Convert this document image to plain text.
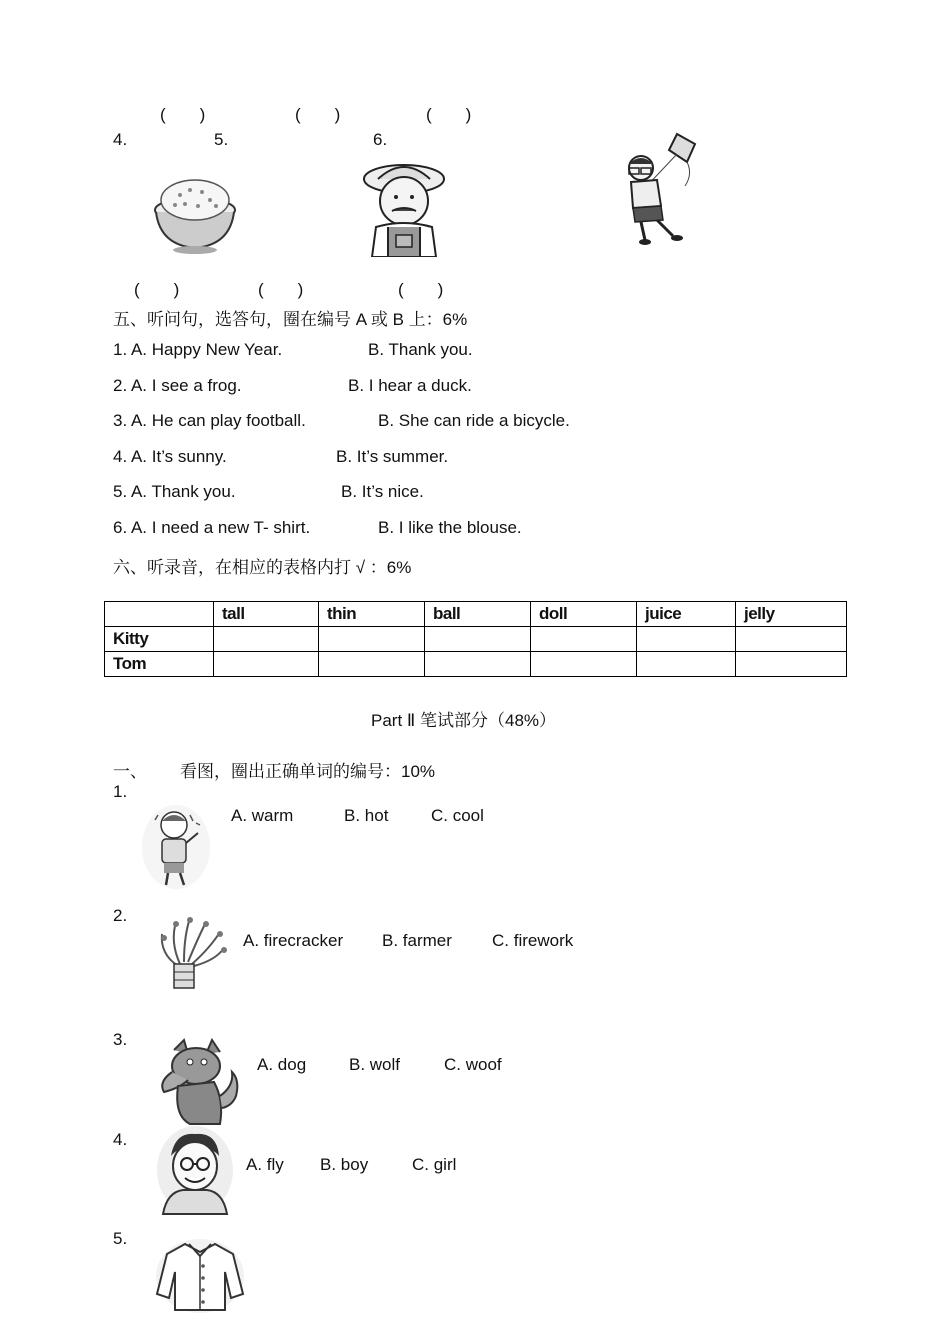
(  )	(  )	(  )
4.	5.	6.
(  )	(  )	(  )
五、听问句，选答句，圈在编号 A 或 B 上：6%
1. A. Happy New Year.	B. Thank you.
2. A. I see a frog.	B. I hear a duck.
3. A. He can play football.	B. She can ride a bicycle.
4. A. It’s sunny.	B. It’s summer.
5. A. Thank you.	B. It’s nice.
6. A. I need a new T- shirt.	B. I like the blouse.
六、听录音，在相应的表格内打 √ ：6%
	tall	thin	ball	doll	juice	jelly
Kitty						
Tom						
Part Ⅱ 笔试部分（48%）
一、 看图，圈出正确单词的编号：10%
1.
A. warm	B. hot	C. cool
2.
A. firecracker B. farmer C. firework
3.
A. dog	B. wolf	C. woof
4.
A. fly B. boy	C. girl
5.
